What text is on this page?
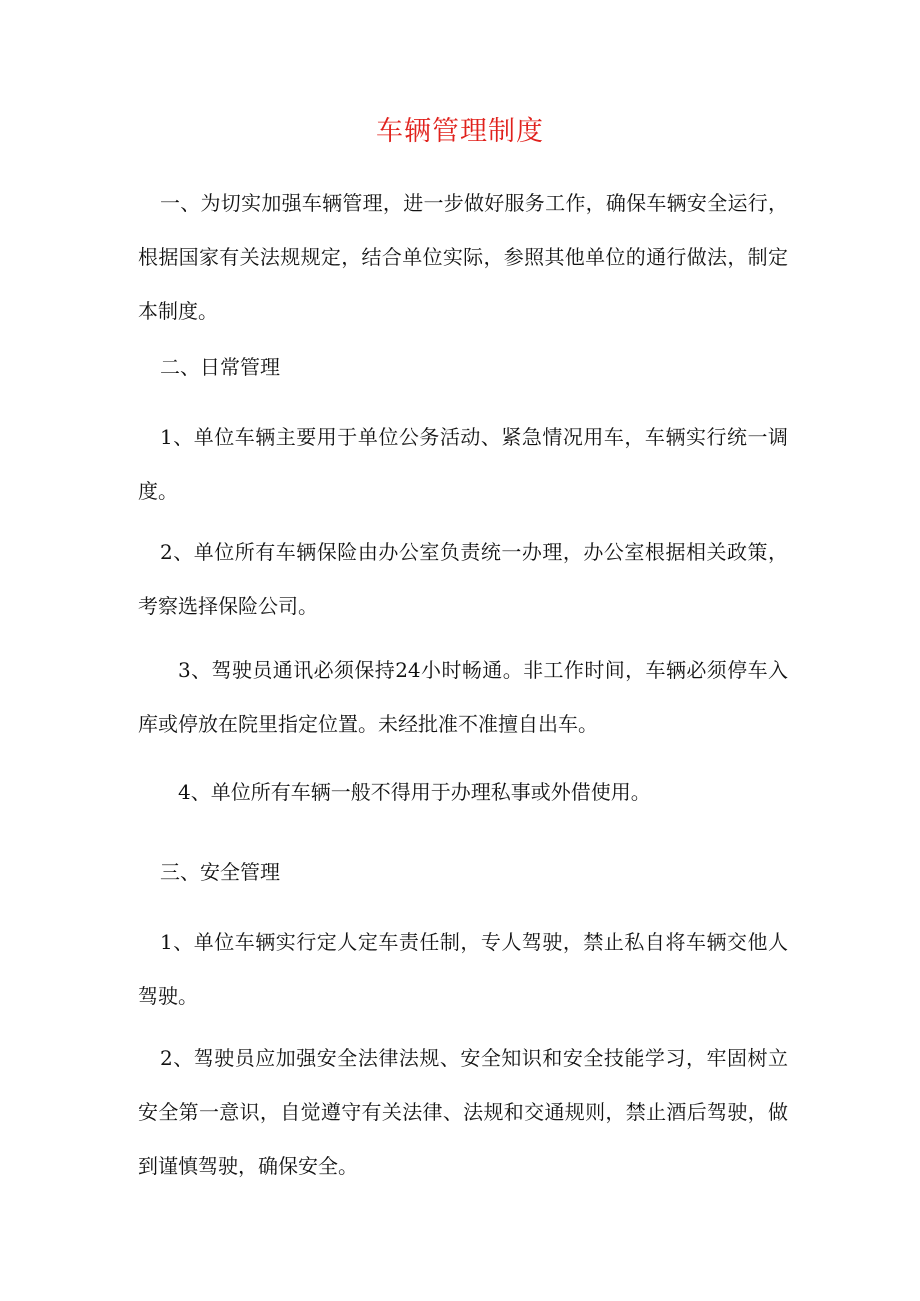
车辆管理制度

一、为切实加强车辆管理，进一步做好服务工作，确保车辆安全运行，根据国家有关法规规定，结合单位实际，参照其他单位的通行做法，制定本制度。

二、日常管理

1、单位车辆主要用于单位公务活动、紧急情况用车，车辆实行统一调度。

2、单位所有车辆保险由办公室负责统一办理，办公室根据相关政策，考察选择保险公司。

3、驾驶员通讯必须保持24小时畅通。非工作时间，车辆必须停车入库或停放在院里指定位置。未经批准不准擅自出车。

4、单位所有车辆一般不得用于办理私事或外借使用。

三、安全管理

1、单位车辆实行定人定车责任制，专人驾驶，禁止私自将车辆交他人驾驶。

2、驾驶员应加强安全法律法规、安全知识和安全技能学习，牢固树立安全第一意识，自觉遵守有关法律、法规和交通规则，禁止酒后驾驶，做到谨慎驾驶，确保安全。
